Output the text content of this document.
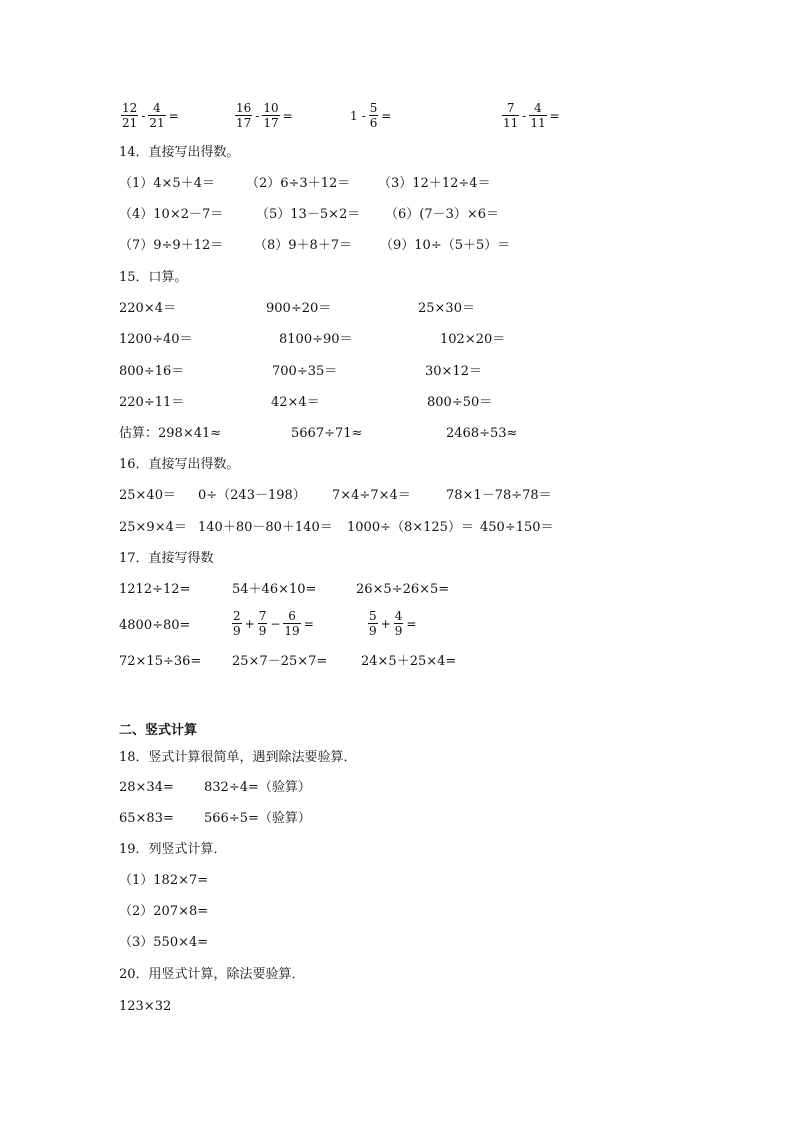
$\frac{12}{21} - \frac{4}{21}$ =	$\frac{16}{17} - \frac{10}{17}$ =	$1 - \frac{5}{6}$ =	$\frac{7}{11} - \frac{4}{11}$ =
14．直接写出得数。
（1）4×5＋4＝ （2）6÷3＋12＝ （3）12＋12÷4＝
（4）10×2－7＝	（5）13－5×2＝ （6）(7－3）×6＝
（7）9÷9＋12＝ （8）9＋8＋7＝ （9）10÷（5＋5）＝
15．口算。
220×4＝	900÷20＝	25×30＝
1200÷40＝	8100÷90＝	102×20＝
800÷16＝	700÷35＝	30×12＝
220÷11＝	42×4＝	800÷50＝
估算：298×41≈	5667÷71≈	2468÷53≈
16．直接写出得数。
25×40＝ 0÷（243－198） 7×4÷7×4＝	78×1－78÷78＝
25×9×4＝ 140＋80－80＋140＝ 1000÷（8×125）＝ 450÷150＝
17．直接写得数
1212÷12=	54＋46×10=	26×5÷26×5=
4800÷80=	$\frac{2}{9} + \frac{7}{9} - \frac{6}{19}$ =	$\frac{5}{9} + \frac{4}{9}$ =
72×15÷36= 25×7－25×7=	24×5＋25×4=
二、竖式计算
18．竖式计算很简单，遇到除法要验算．
28×34= 832÷4=（验算）
65×83= 566÷5=（验算）
19．列竖式计算．
（1）182×7=
（2）207×8=
（3）550×4=
20．用竖式计算，除法要验算．
123×32
